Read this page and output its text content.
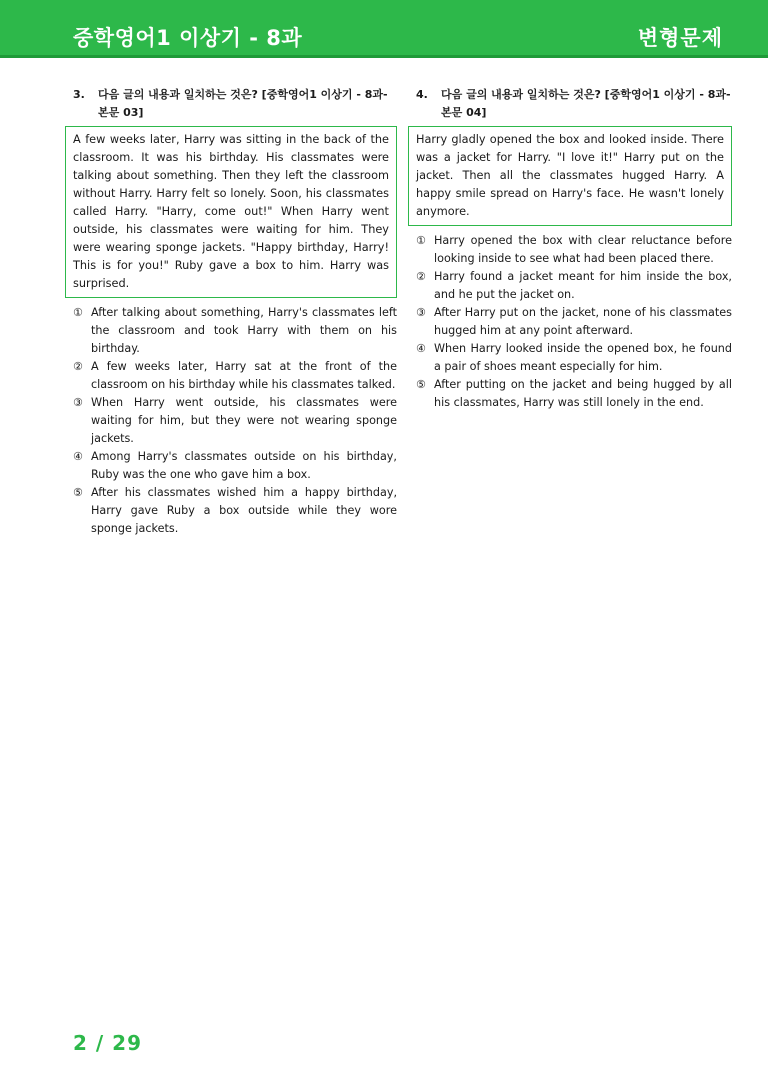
중학영어1 이상기 - 8과	변형문제
3. 다음 글의 내용과 일치하는 것은? [중학영어1 이상기 - 8과-본문 03]
A few weeks later, Harry was sitting in the back of the classroom. It was his birthday. His classmates were talking about something. Then they left the classroom without Harry. Harry felt so lonely. Soon, his classmates called Harry. "Harry, come out!" When Harry went outside, his classmates were waiting for him. They were wearing sponge jackets. "Happy birthday, Harry! This is for you!" Ruby gave a box to him. Harry was surprised.
① After talking about something, Harry's classmates left the classroom and took Harry with them on his birthday.
② A few weeks later, Harry sat at the front of the classroom on his birthday while his classmates talked.
③ When Harry went outside, his classmates were waiting for him, but they were not wearing sponge jackets.
④ Among Harry's classmates outside on his birthday, Ruby was the one who gave him a box.
⑤ After his classmates wished him a happy birthday, Harry gave Ruby a box outside while they wore sponge jackets.
4. 다음 글의 내용과 일치하는 것은? [중학영어1 이상기 - 8과-본문 04]
Harry gladly opened the box and looked inside. There was a jacket for Harry. "I love it!" Harry put on the jacket. Then all the classmates hugged Harry. A happy smile spread on Harry's face. He wasn't lonely anymore.
① Harry opened the box with clear reluctance before looking inside to see what had been placed there.
② Harry found a jacket meant for him inside the box, and he put the jacket on.
③ After Harry put on the jacket, none of his classmates hugged him at any point afterward.
④ When Harry looked inside the opened box, he found a pair of shoes meant especially for him.
⑤ After putting on the jacket and being hugged by all his classmates, Harry was still lonely in the end.
2 / 29
